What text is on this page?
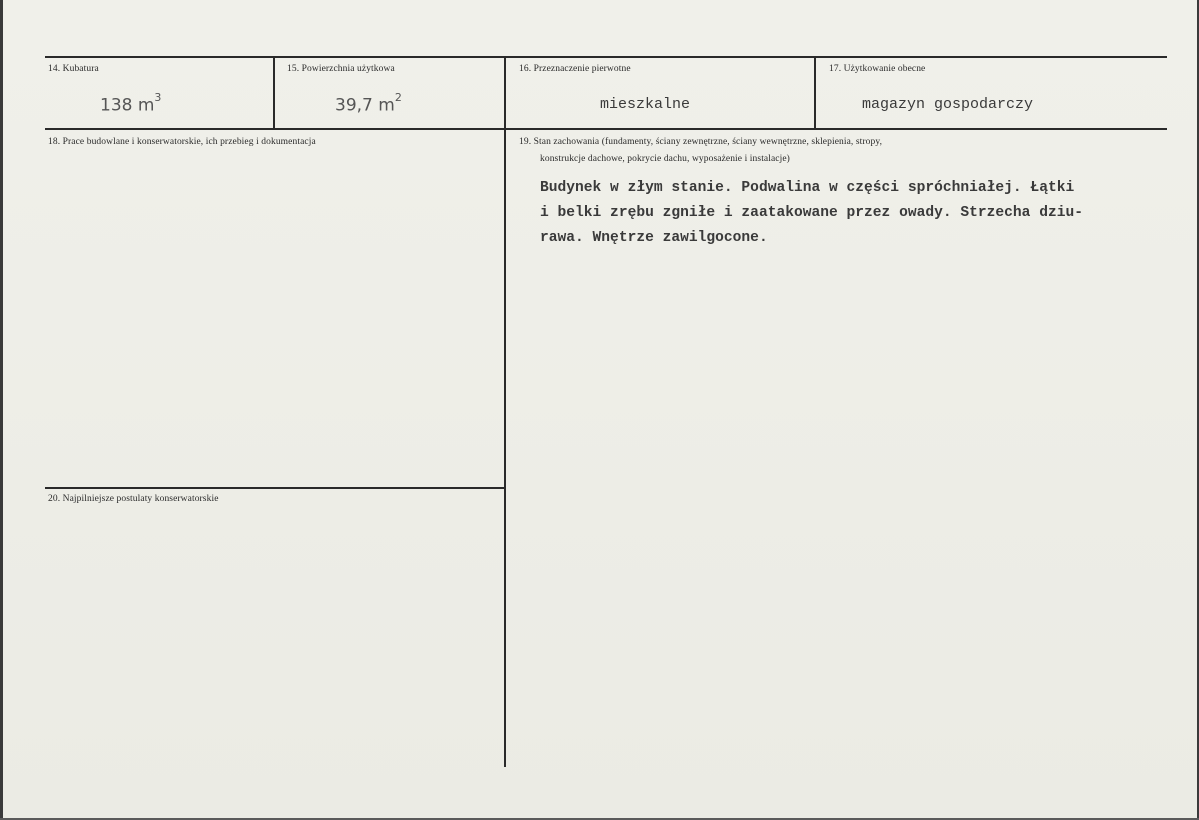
14. Kubatura
138 $m^3$
15. Powierzchnia użytkowa
39,7 $m^2$
16. Przeznaczenie pierwotne
mieszkalne
17. Użytkowanie obecne
magazyn gospodarczy
18. Prace budowlane i konserwatorskie, ich przebieg i dokumentacja	19. Stan zachowania (fundamenty, ściany zewnętrzne, ściany wewnętrzne, sklepienia, stropy,
konstrukcje dachowe, pokrycie dachu, wyposażenie i instalacje)
Budynek w złym stanie. Podwalina w części spróchniałej. Łątki
i belki zrębu zgniłe i zaatakowane przez owady. Strzecha dziu-
rawa. Wnętrze zawilgocone.
20. Najpilniejsze postulaty konserwatorskie
